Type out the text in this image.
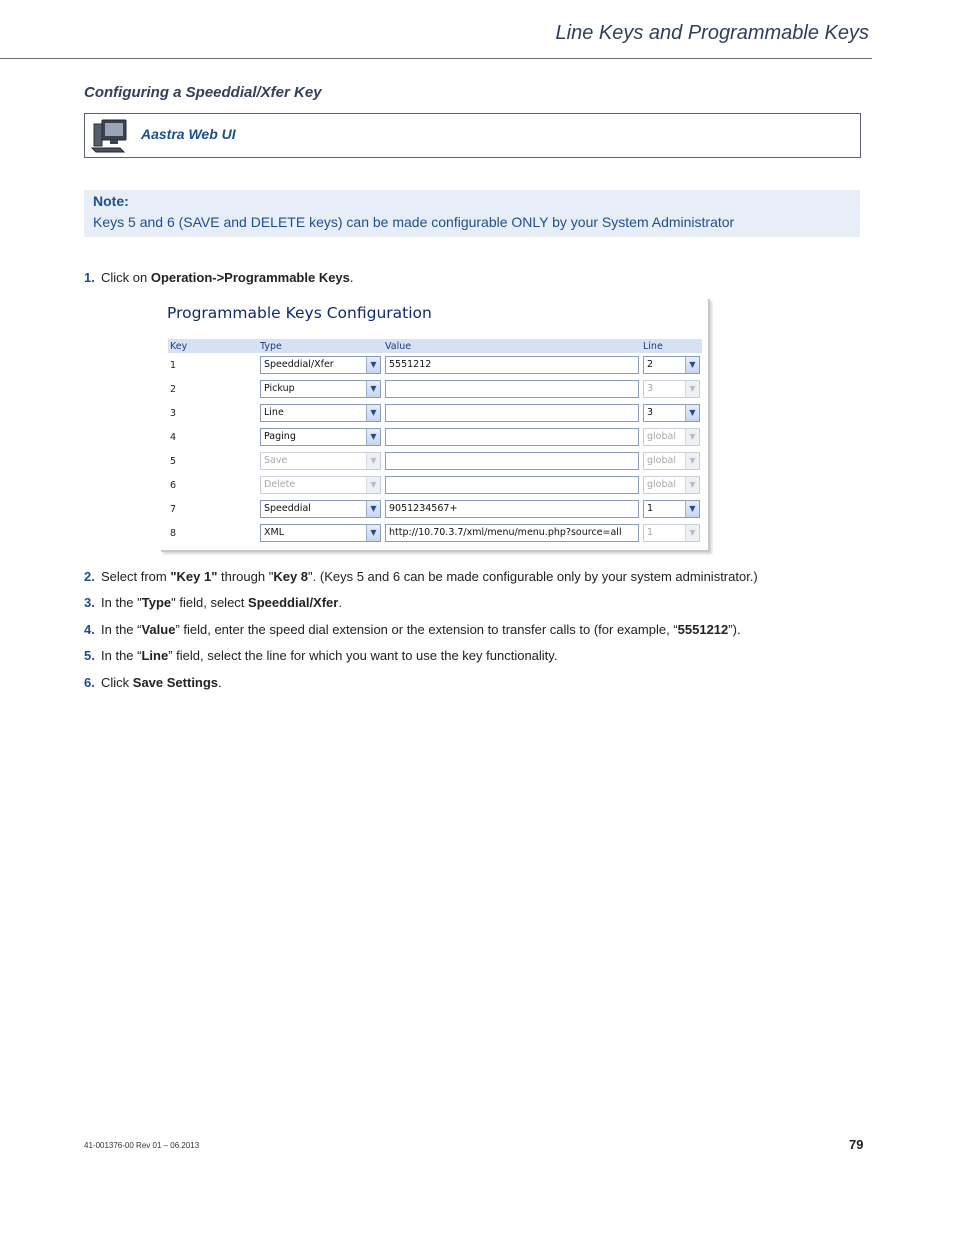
Line Keys and Programmable Keys
Configuring a Speeddial/Xfer Key
Aastra Web UI
Note:
Keys 5 and 6 (SAVE and DELETE keys) can be made configurable ONLY by your System Administrator
1. Click on Operation->Programmable Keys.
Programmable Keys Configuration
Key	Type	Value	Line
1	Speeddial/Xfer ▼	5551212	2 ▼

2	Pickup ▼		3 ▼

3	Line ▼		3 ▼

4	Paging ▼		global ▼

5	Save ▼		global ▼

6	Delete ▼		global ▼

7	Speeddial ▼	9051234567+	1 ▼

8	XML ▼	http://10.70.3.7/xml/menu/menu.php?source=all	1 ▼
2. Select from "Key 1" through "Key 8". (Keys 5 and 6 can be made configurable only by your system administrator.)
3. In the "Type" field, select Speeddial/Xfer.
4. In the “Value” field, enter the speed dial extension or the extension to transfer calls to (for example, “5551212”).
5. In the “Line” field, select the line for which you want to use the key functionality.
6. Click Save Settings.
41-001376-00 Rev 01 – 06.2013	79
